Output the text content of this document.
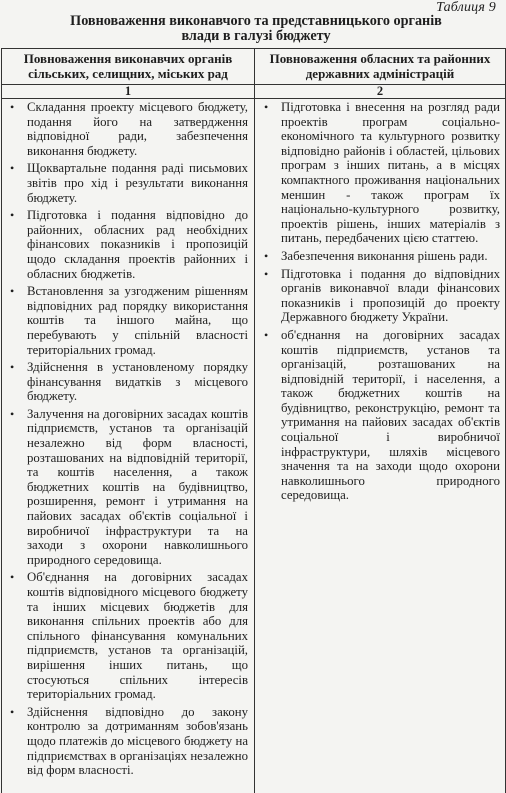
Таблиця 9
Повноваження виконавчого та представницького органів влади в галузі бюджету
Повноваження виконавчих органів сільських, селищних, міських рад
Повноваження обласних та районних державних адміністрацій
1	2
• Складання проекту місцевого бюджету, подання його на затвердження відповідної ради, забезпечення виконання бюджету.
• Щоквартальне подання раді письмових звітів про хід і результати виконання бюджету.
• Підготовка і подання відповідно до районних, обласних рад необхідних фінансових показників і пропозицій щодо складання проектів районних і обласних бюджетів.
• Встановлення за узгодженим рішенням відповідних рад порядку використання коштів та іншого майна, що перебувають у спільній власності територіальних громад.
• Здійснення в установленому порядку фінансування видатків з місцевого бюджету.
• Залучення на договірних засадах коштів підприємств, установ та організацій незалежно від форм власності, розташованих на відповідній території, та коштів населення, а також бюджетних коштів на будівництво, розширення, ремонт і утримання на пайових засадах об'єктів соціальної і виробничої інфраструктури та на заходи з охорони навколишнього природного середовища.
• Об'єднання на договірних засадах коштів відповідного місцевого бюджету та інших місцевих бюджетів для виконання спільних проектів або для спільного фінансування комунальних підприємств, установ та організацій, вирішення інших питань, що стосуються спільних інтересів територіальних громад.
• Здійснення відповідно до закону контролю за дотриманням зобов'язань щодо платежів до місцевого бюджету на підприємствах в організаціях незалежно від форм власності.
• Підготовка і внесення на розгляд ради проектів програм соціально-економічного та культурного розвитку відповідно районів і областей, цільових програм з інших питань, а в місцях компактного проживання національних меншин - також програм їх національно-культурного розвитку, проектів рішень, інших матеріалів з питань, передбачених цією статтею.
• Забезпечення виконання рішень ради.
• Підготовка і подання до відповідних органів виконавчої влади фінансових показників і пропозицій до проекту Державного бюджету України.
• об'єднання на договірних засадах коштів підприємств, установ та організацій, розташованих на відповідній території, і населення, а також бюджетних коштів на будівництво, реконструкцію, ремонт та утримання на пайових засадах об'єктів соціальної і виробничої інфраструктури, шляхів місцевого значення та на заходи щодо охорони навколишнього природного середовища.
